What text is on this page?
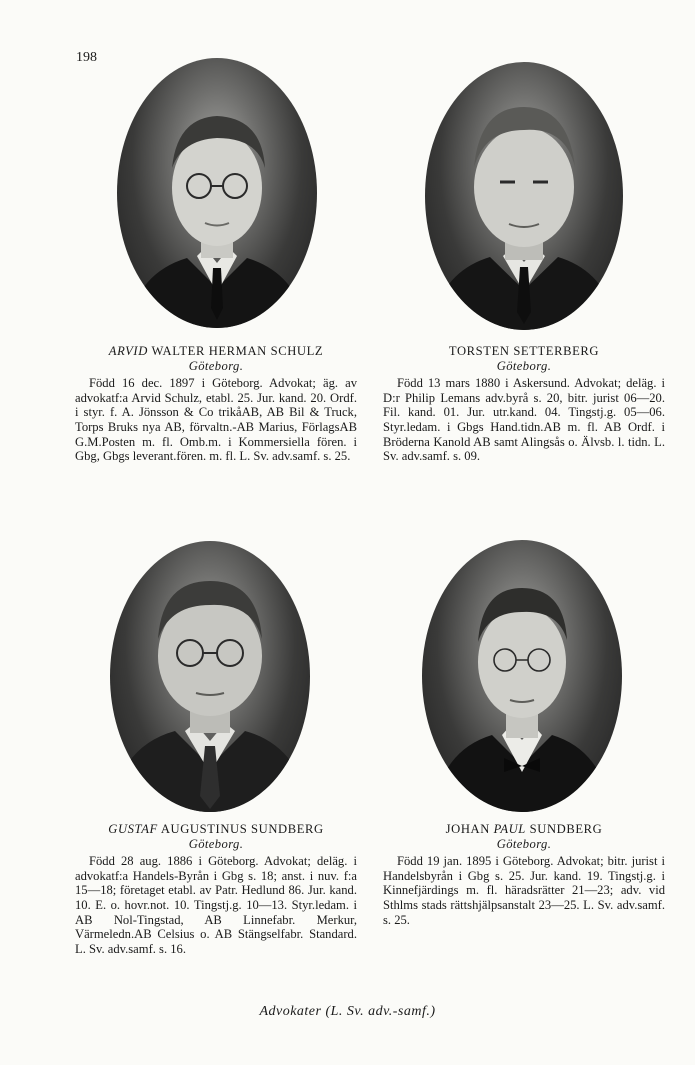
198

ARVID WALTER HERMAN SCHULZ

Göteborg.

Född 16 dec. 1897 i Göteborg. Advokat; äg. av advokatf:a Arvid Schulz, etabl. 25. Jur. kand. 20. Ordf. i styr. f. A. Jönsson & Co trikåAB, AB Bil & Truck, Torps Bruks nya AB, förvaltn.-AB Marius, FörlagsAB G.M.Posten m. fl. Omb.m. i Kommersiella fören. i Gbg, Gbgs leverant.fören. m. fl. L. Sv. adv.samf. s. 25.

TORSTEN SETTERBERG

Göteborg.

Född 13 mars 1880 i Askersund. Advokat; deläg. i D:r Philip Lemans adv.byrå s. 20, bitr. jurist 06—20. Fil. kand. 01. Jur. utr.kand. 04. Tingstj.g. 05—06. Styr.ledam. i Gbgs Hand.tidn.AB m. fl. AB Ordf. i Bröderna Kanold AB samt Alingsås o. Älvsb. l. tidn. L. Sv. adv.samf. s. 09.

GUSTAF AUGUSTINUS SUNDBERG

Göteborg.

Född 28 aug. 1886 i Göteborg. Advokat; deläg. i advokatf:a Handels-Byrån i Gbg s. 18; anst. i nuv. f:a 15—18; företaget etabl. av Patr. Hedlund 86. Jur. kand. 10. E. o. hovr.not. 10. Tingstj.g. 10—13. Styr.ledam. i AB Nol-Tingstad, AB Linnefabr. Merkur, Värmeledn.AB Celsius o. AB Stängselfabr. Standard. L. Sv. adv.samf. s. 16.

JOHAN PAUL SUNDBERG

Göteborg.

Född 19 jan. 1895 i Göteborg. Advokat; bitr. jurist i Handelsbyrån i Gbg s. 25. Jur. kand. 19. Tingstj.g. i Kinnefjärdings m. fl. häradsrätter 21—23; adv. vid Sthlms stads rättshjälpsanstalt 23—25. L. Sv. adv.samf. s. 25.

Advokater (L. Sv. adv.-samf.)
